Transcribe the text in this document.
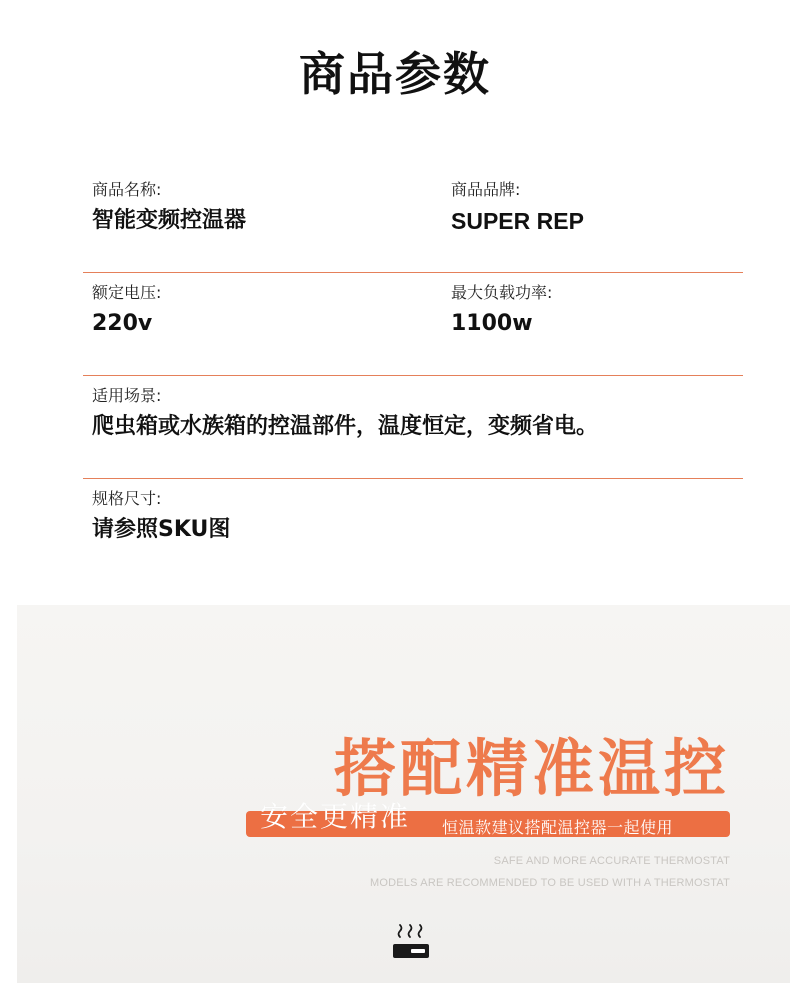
商品参数
商品名称:
智能变频控温器
商品品牌:
SUPER REP
额定电压:
220v
最大负载功率:
1100w
适用场景:
爬虫箱或水族箱的控温部件，温度恒定，变频省电。
规格尺寸:
请参照SKU图
搭配精准温控
安全更精准 恒温款建议搭配温控器一起使用
SAFE AND MORE ACCURATE THERMOSTAT
MODELS ARE RECOMMENDED TO BE USED WITH A THERMOSTAT
